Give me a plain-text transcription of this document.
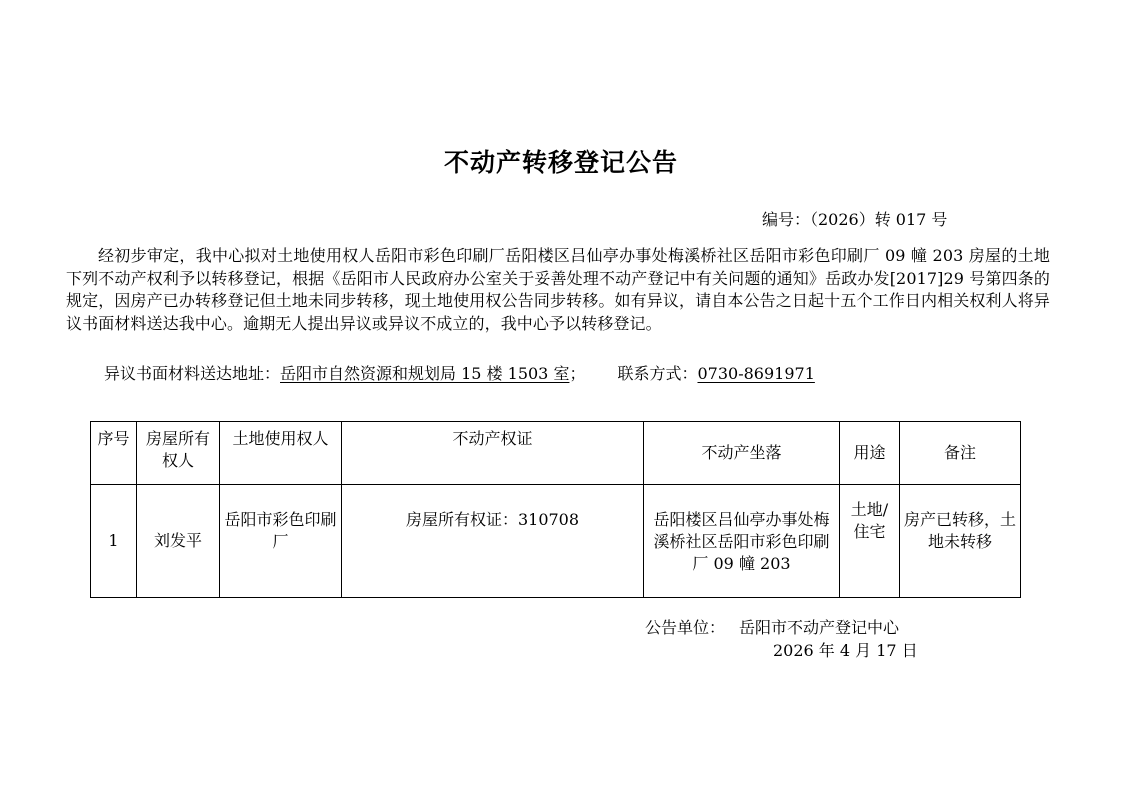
不动产转移登记公告
编号：（2026）转 017 号
经初步审定，我中心拟对土地使用权人岳阳市彩色印刷厂岳阳楼区吕仙亭办事处梅溪桥社区岳阳市彩色印刷厂 09 幢 203 房屋的土地下列不动产权利予以转移登记，根据《岳阳市人民政府办公室关于妥善处理不动产登记中有关问题的通知》岳政办发[2017]29 号第四条的规定，因房产已办转移登记但土地未同步转移，现土地使用权公告同步转移。如有异议，请自本公告之日起十五个工作日内相关权利人将异议书面材料送达我中心。逾期无人提出异议或异议不成立的，我中心予以转移登记。
异议书面材料送达地址：岳阳市自然资源和规划局 15 楼 1503 室； 联系方式：0730-8691971
序号	房屋所有权人	土地使用权人	不动产权证	不动产坐落	用途	备注
1	刘发平	岳阳市彩色印刷厂	房屋所有权证：310708	岳阳楼区吕仙亭办事处梅溪桥社区岳阳市彩色印刷厂 09 幢 203	土地/住宅	房产已转移，土地未转移
公告单位： 岳阳市不动产登记中心
2026 年 4 月 17 日
